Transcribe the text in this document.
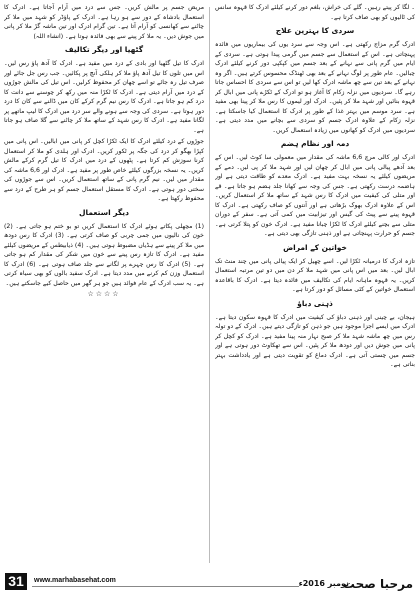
۔ لگا کر پیتے رہیں۔ گلے کی خراش، بلغم دور کرنے کیلئے ادرک کا قہوہ سانس کی ٹالیوں کو بھی صاف کرتا ہے۔

سردی کا بہترین علاج

ادرک گرم مزاج رکھتی ہے۔ اس وجہ سے سرد یوں کی بیماریوں میں فائدہ پہنچاتی ہے۔ اس کے استعمال سے جسم میں گرمی پیدا ہوتی ہے۔ سردی کے ایام میں گرم پانی سے نہانے کے بعد جسم میں کپکپی دور کرنے کیلئے ادرک چبالیں۔ عام طور پر لوگ نہانے کے بعد بھی ٹھنڈک محسوس کرتے ہیں۔ اگر وہ نہانے کے بعد تین سے چھ ماشہ ادرک کھا لیں تو اس سے سردی کا احساس جاتا رہے گا۔ سردیوں میں نزلہ زکام کا آغاز ہو تو ادرک کے ٹکڑے پانی میں ابال کر قہوہ بنائیں اور شہد ملا کر پئیں۔ ادرک اور لیموں کا رس ملا کر پینا بھی مفید ہے۔ سرد موسم میں بہتر غذا کے طور پر ادرک کا استعمال کیا جاسکتا ہے۔ نزلہ زکام کے علاوہ ادرک جسم کو سردی سے بچانے میں مدد دیتی ہے۔ سردیوں میں ادرک کو کھانوں میں زیادہ استعمال کریں۔

دمہ اور نظام ہضم

ادرک اور کالی مرچ 6,6 ماشہ کی مقدار میں معمولی سا کوٹ لیں۔ اس کے بعد آدھے پیالی پانی میں ابال کر چھان لیں اور شہد ملا کر پی لیں۔ دمے کے مریضوں کیلئے یہ نسخہ بہت مفید ہے۔ ادرک معدے کو طاقت دیتی ہے اور ہاضمہ درست رکھتی ہے۔ جس کی وجہ سے کھانا جلد ہضم ہو جاتا ہے۔ قے اور متلی کی کیفیت میں ادرک کا رس شہد کے ساتھ ملا کر استعمال کریں۔ اس کے علاوہ ادرک بھوک بڑھاتی ہے اور آنتوں کو صاف رکھتی ہے۔ ادرک کا قہوہ پینے سے پیٹ کی گیس اور تیزابیت میں کمی آتی ہے۔ سفر کے دوران متلی سے بچنے کیلئے ادرک کا ٹکڑا چبانا مفید ہے۔ ادرک خون کو پتلا کرتی ہے۔ جسم کو حرارت پہنچاتی ہے اور ذہنی تازگی بھی دیتی ہے۔

خواتین کے امراض

تازہ ادرک کا درمیانہ ٹکڑا لیں۔ اسے چھیل کر ایک پیالی پانی میں چند منٹ تک ابال لیں۔ بعد میں اس پانی میں شہد ملا کر دن میں دو تین مرتبہ استعمال کریں۔ یہ قہوہ ماہانہ ایام کی تکالیف میں فائدہ دیتا ہے۔ ادرک کا باقاعدہ استعمال خواتین کے کئی مسائل کو دور کرتا ہے۔

ذہنی دباؤ

ہیجان، بے چینی اور ذہنی دباؤ کی کیفیت میں ادرک کا قہوہ سکون دیتا ہے۔ ادرک میں ایسے اجزا موجود ہیں جو ذہن کو تازگی دیتے ہیں۔ ادرک کے دو تولہ رس میں چھ ماشہ شہد ملا کر صبح نہار منہ پینا مفید ہے۔ ادرک کو کچل کر پانی میں جوش دیں اور دودھ ملا کر پئیں۔ اس سے تھکاوٹ دور ہوتی ہے اور جسم میں چستی آتی ہے۔ ادرک دماغ کو تقویت دیتی ہے اور یادداشت بہتر بناتی ہے۔

مریض جسم پر مالش کریں۔ جس سے درد میں آرام آجاتا ہے۔ ادرک کا استعمال بادشاہ کے دور سے ہو رہا ہے۔ ادرک کے پاؤڈر کو شہد میں ملا کر چاٹنے سے کھانسی کو آرام آتا ہے۔ تین گرام ادرک اور تین ماشہ گڑ ملا کر پانی میں جوش دیں۔ یہ ملا کر پینے سے بھی فائدہ ہوتا ہے۔ (انشاء اللہ)

گٹھیا اور دیگر تکالیف

ادرک کا تیل گٹھیا اور بادی کے درد میں مفید ہے۔ ادرک کا آدھ پاؤ رس لیں۔ اس میں تلوں کا تیل آدھ پاؤ ملا کر ہلکی آنچ پر پکائیں۔ جب رس جل جائے اور صرف تیل رہ جائے تو اسے چھان کر محفوظ کرلیں۔ اس تیل کی مالش جوڑوں کے درد میں آرام دیتی ہے۔ ادرک کا ٹکڑا منہ میں رکھ کر چوسنے سے دانت کا درد کم ہو جاتا ہے۔ ادرک کا رس نیم گرم کرکے کان میں ڈالنے سے کان کا درد دور ہوتا ہے۔ سردی کی وجہ سے ہونے والے سر درد میں ادرک کا لیپ ماتھے پر لگانا مفید ہے۔ ادرک کا رس شہد کے ساتھ ملا کر چاٹنے سے گلا صاف ہو جاتا ہے۔

جوڑوں کے درد کیلئے ادرک کا ایک ٹکڑا کچل کر پانی میں ابالیں۔ اس پانی میں کپڑا بھگو کر درد کی جگہ پر ٹکور کریں۔ ادرک اور ہلدی کو ملا کر استعمال کرنا سوزش کم کرتا ہے۔ پٹھوں کے درد میں ادرک کا تیل گرم کرکے مالش کریں۔ یہ نسخہ بزرگوں کیلئے خاص طور پر مفید ہے۔ ادرک اور 6,6 ماشہ کی مقدار میں لیں۔ نیم گرم پانی کے ساتھ استعمال کریں۔ اس سے جوڑوں کی سختی دور ہوتی ہے۔ ادرک کا مستقل استعمال جسم کو ہر طرح کے درد سے محفوظ رکھتا ہے۔

دیگر استعمال

(1) مچھلی پکاتے ہوئے ادرک کا استعمال کریں تو بو ختم ہو جاتی ہے۔ (2) خون کی نالیوں میں جمی چربی کو صاف کرتی ہے۔ (3) ادرک کا رس دودھ میں ملا کر پینے سے ہڈیاں مضبوط ہوتی ہیں۔ (4) ذیابیطس کے مریضوں کیلئے مفید ہے۔ ادرک کا تازہ رس پینے سے خون میں شکر کی مقدار کم ہو جاتی ہے۔ (5) ادرک کا رس چہرے پر لگانے سے جلد صاف ہوتی ہے۔ (6) ادرک کا استعمال وزن کم کرنے میں مدد دیتا ہے۔ ادرک سفید بالوں کو بھی سیاہ کرتی ہے۔ یہ سب ادرک کے عام فوائد ہیں جو ہر گھر میں حاصل کیے جاسکتے ہیں۔

☆☆☆☆
31	www.marhabasehat.com	نومبر 2016ء
مرحبا صحت
